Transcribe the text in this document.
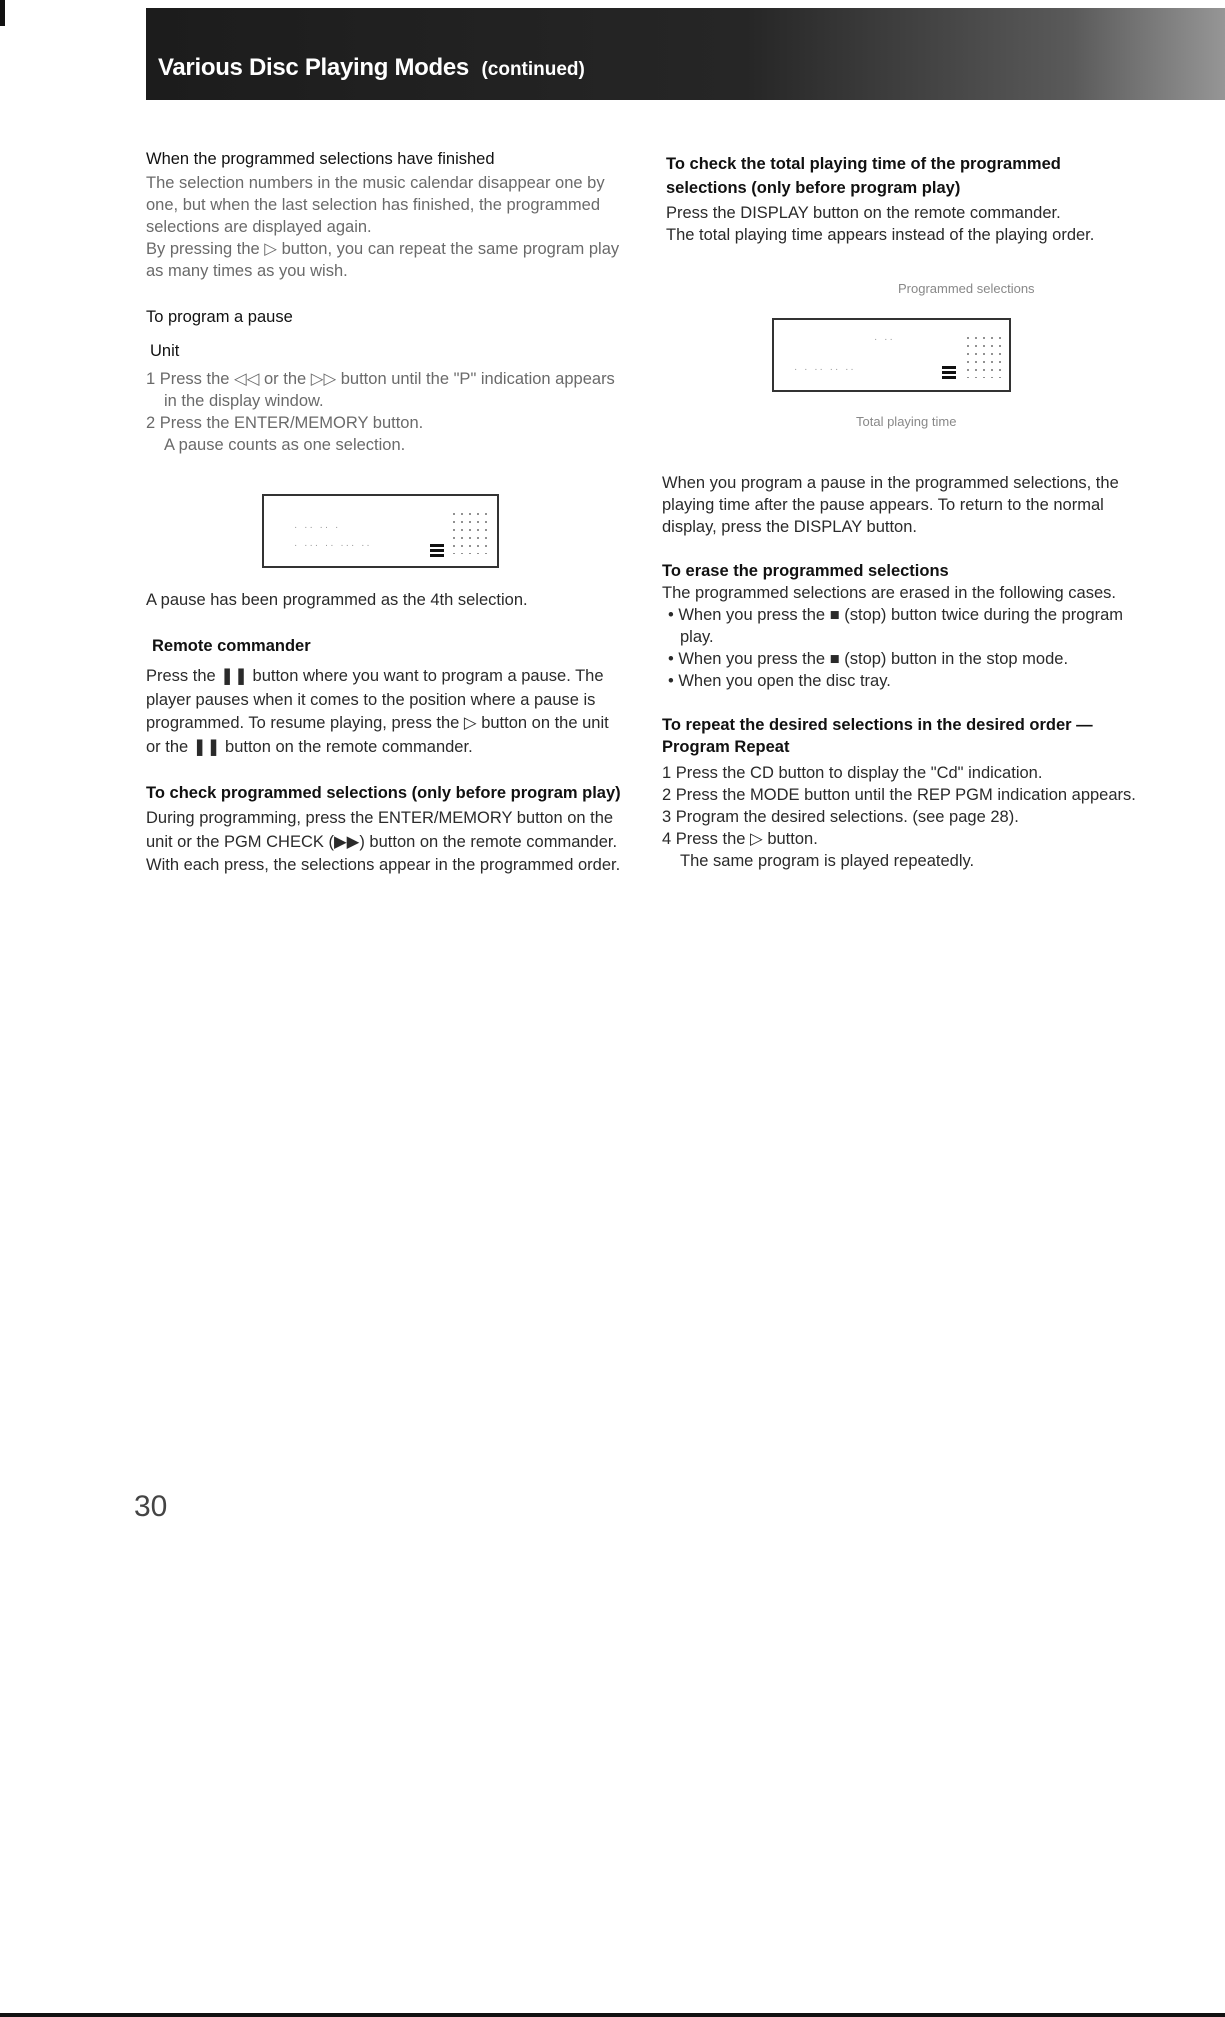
Various Disc Playing Modes (continued)

When the programmed selections have finished

The selection numbers in the music calendar disappear one by one, but when the last selection has finished, the programmed selections are displayed again.

By pressing the ▷ button, you can repeat the same program play as many times as you wish.

To program a pause

Unit

1 Press the ◁◁ or the ▷▷ button until the "P" indication appears in the display window.

2 Press the ENTER/MEMORY button.

A pause counts as one selection.

· ·· ·· ·
· ··· ·· ··· ··

A pause has been programmed as the 4th selection.

Remote commander

Press the ❚❚ button where you want to program a pause. The player pauses when it comes to the position where a pause is programmed. To resume playing, press the ▷ button on the unit or the ❚❚ button on the remote commander.

To check programmed selections (only before program play)

During programming, press the ENTER/MEMORY button on the unit or the PGM CHECK (▶▶) button on the remote commander. With each press, the selections appear in the programmed order.

To check the total playing time of the programmed selections (only before program play)

Press the DISPLAY button on the remote commander.

The total playing time appears instead of the playing order.

Programmed selections
· ··
· · ·· ·· ··
Total playing time

When you program a pause in the programmed selections, the playing time after the pause appears. To return to the normal display, press the DISPLAY button.

To erase the programmed selections

The programmed selections are erased in the following cases.

• When you press the ■ (stop) button twice during the program play.

• When you press the ■ (stop) button in the stop mode.

• When you open the disc tray.

To repeat the desired selections in the desired order — Program Repeat

1 Press the CD button to display the "Cd" indication.

2 Press the MODE button until the REP PGM indication appears.

3 Program the desired selections. (see page 28).

4 Press the ▷ button.

The same program is played repeatedly.

30
